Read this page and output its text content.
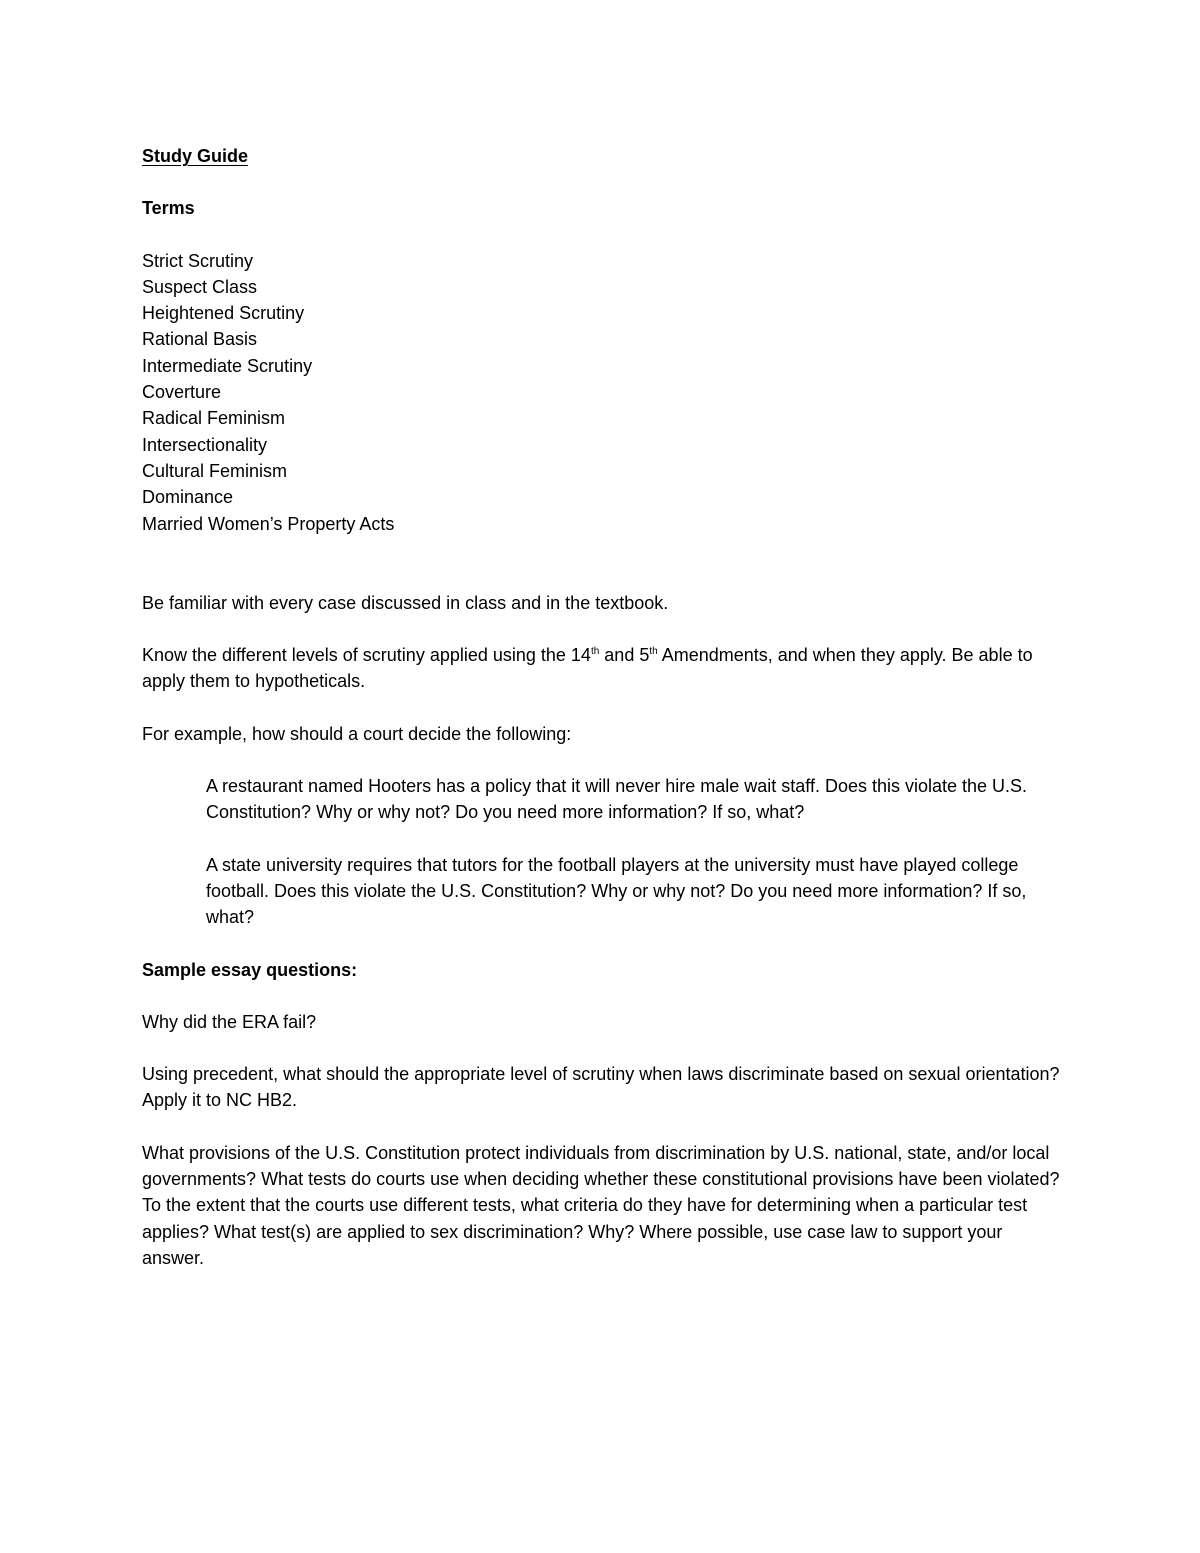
Study Guide

Terms

Strict Scrutiny
Suspect Class
Heightened Scrutiny
Rational Basis
Intermediate Scrutiny
Coverture
Radical Feminism
Intersectionality
Cultural Feminism
Dominance
Married Women’s Property Acts

Be familiar with every case discussed in class and in the textbook.

Know the different levels of scrutiny applied using the 14th and 5th Amendments, and when they apply. Be able to apply them to hypotheticals.

For example, how should a court decide the following:

A restaurant named Hooters has a policy that it will never hire male wait staff. Does this violate the U.S. Constitution? Why or why not? Do you need more information? If so, what?

A state university requires that tutors for the football players at the university must have played college football. Does this violate the U.S. Constitution? Why or why not? Do you need more information? If so, what?

Sample essay questions:

Why did the ERA fail?

Using precedent, what should the appropriate level of scrutiny when laws discriminate based on sexual orientation? Apply it to NC HB2.

What provisions of the U.S. Constitution protect individuals from discrimination by U.S. national, state, and/or local governments? What tests do courts use when deciding whether these constitutional provisions have been violated? To the extent that the courts use different tests, what criteria do they have for determining when a particular test applies? What test(s) are applied to sex discrimination? Why? Where possible, use case law to support your answer.
